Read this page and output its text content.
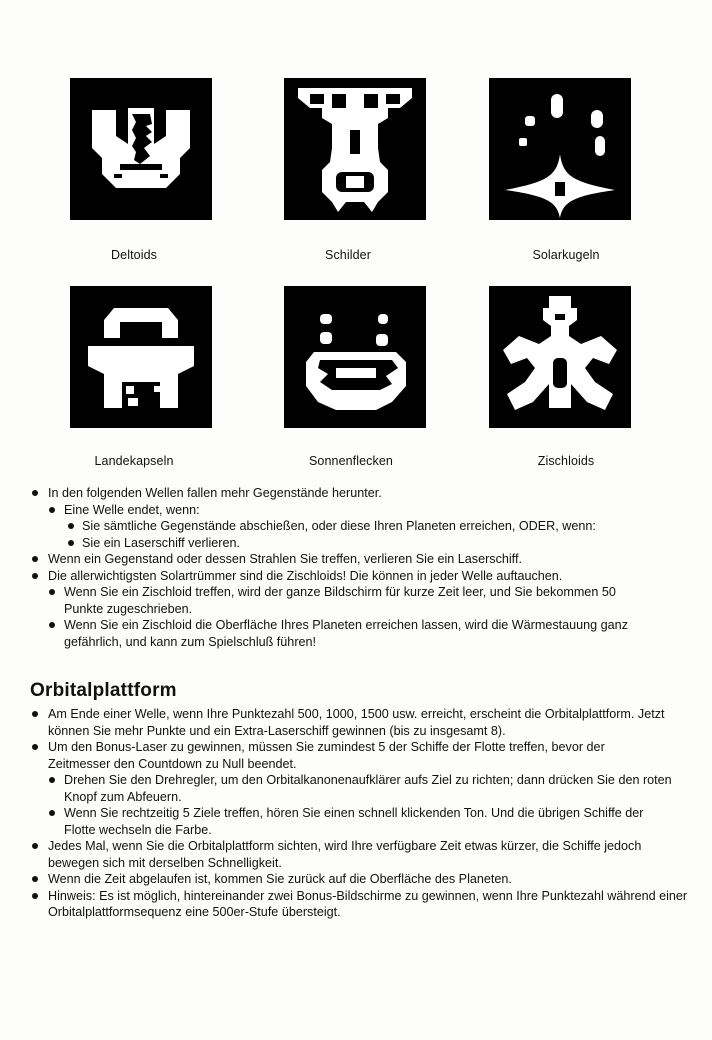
Deltoids	Schilder	Solarkugeln
Landekapseln	Sonnenflecken	Zischloids

In den folgenden Wellen fallen mehr Gegenstände herunter.

Eine Welle endet, wenn:

Sie sämtliche Gegenstände abschießen, oder diese Ihren Planeten erreichen, ODER, wenn:

Sie ein Laserschiff verlieren.

Wenn ein Gegenstand oder dessen Strahlen Sie treffen, verlieren Sie ein Laserschiff.

Die allerwichtigsten Solartrümmer sind die Zischloids! Die können in jeder Welle auftauchen.

Wenn Sie ein Zischloid treffen, wird der ganze Bildschirm für kurze Zeit leer, und Sie bekommen 50 Punkte zugeschrieben.

Wenn Sie ein Zischloid die Oberfläche Ihres Planeten erreichen lassen, wird die Wärmestauung ganz gefährlich, und kann zum Spielschluß führen!

Orbitalplattform

Am Ende einer Welle, wenn Ihre Punktezahl 500, 1000, 1500 usw. erreicht, erscheint die Orbitalplattform. Jetzt können Sie mehr Punkte und ein Extra-Laserschiff gewinnen (bis zu insgesamt 8).

Um den Bonus-Laser zu gewinnen, müssen Sie zumindest 5 der Schiffe der Flotte treffen, bevor der Zeitmesser den Countdown zu Null beendet.

Drehen Sie den Drehregler, um den Orbitalkanonenaufklärer aufs Ziel zu richten; dann drücken Sie den roten Knopf zum Abfeuern.

Wenn Sie rechtzeitig 5 Ziele treffen, hören Sie einen schnell klickenden Ton. Und die übrigen Schiffe der Flotte wechseln die Farbe.

Jedes Mal, wenn Sie die Orbitalplattform sichten, wird Ihre verfügbare Zeit etwas kürzer, die Schiffe jedoch bewegen sich mit derselben Schnelligkeit.

Wenn die Zeit abgelaufen ist, kommen Sie zurück auf die Oberfläche des Planeten.

Hinweis: Es ist möglich, hintereinander zwei Bonus-Bildschirme zu gewinnen, wenn Ihre Punktezahl während einer Orbitalplattformsequenz eine 500er-Stufe übersteigt.
